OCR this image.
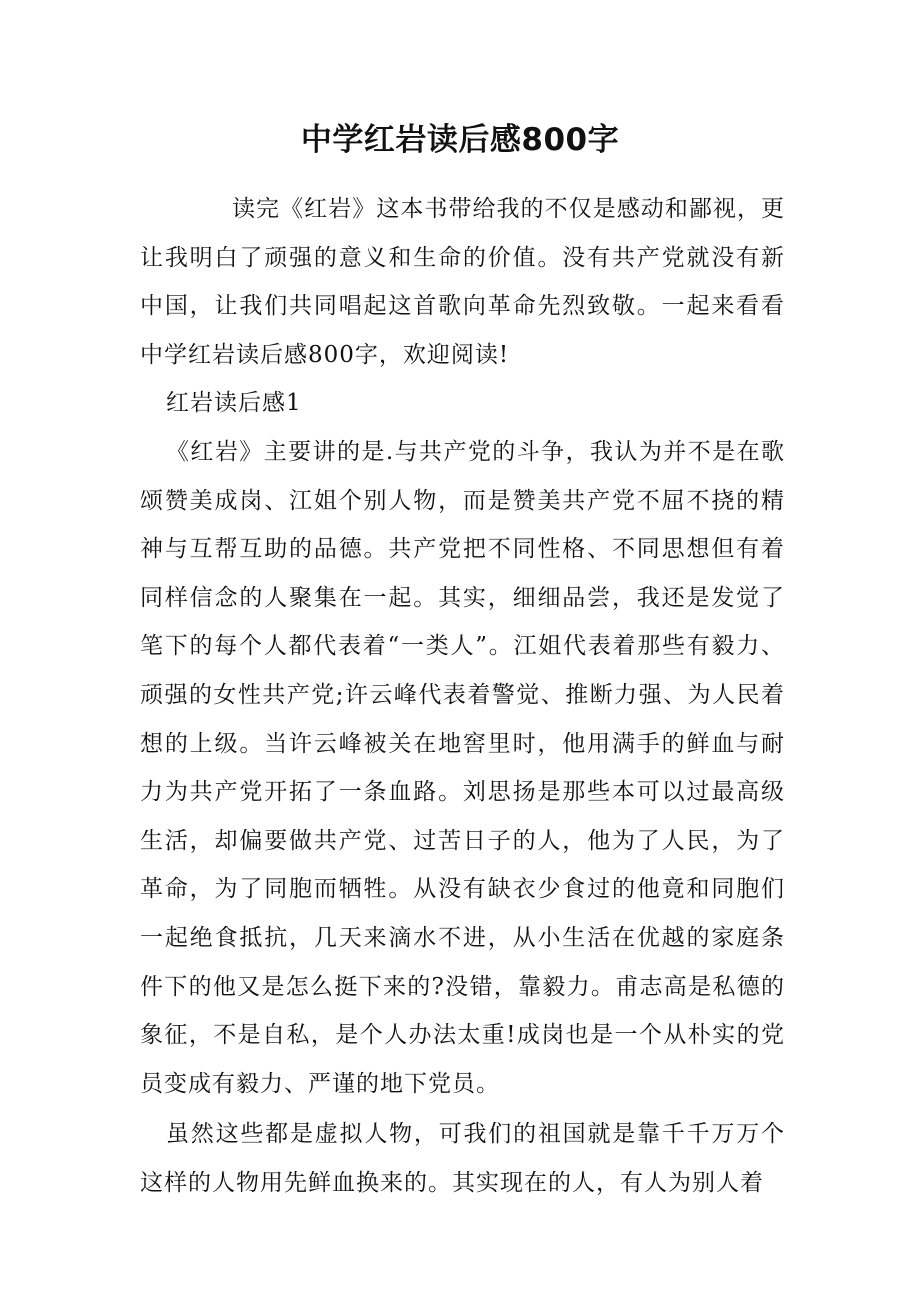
中学红岩读后感800字

读完《红岩》这本书带给我的不仅是感动和鄙视，更让我明白了顽强的意义和生命的价值。没有共产党就没有新中国，让我们共同唱起这首歌向革命先烈致敬。一起来看看中学红岩读后感800字，欢迎阅读!

红岩读后感1

《红岩》主要讲的是.与共产党的斗争，我认为并不是在歌颂赞美成岗、江姐个别人物，而是赞美共产党不屈不挠的精神与互帮互助的品德。共产党把不同性格、不同思想但有着同样信念的人聚集在一起。其实，细细品尝，我还是发觉了笔下的每个人都代表着“一类人”。江姐代表着那些有毅力、顽强的女性共产党;许云峰代表着警觉、推断力强、为人民着想的上级。当许云峰被关在地窖里时，他用满手的鲜血与耐力为共产党开拓了一条血路。刘思扬是那些本可以过最高级生活，却偏要做共产党、过苦日子的人，他为了人民，为了革命，为了同胞而牺牲。从没有缺衣少食过的他竟和同胞们一起绝食抵抗，几天来滴水不进，从小生活在优越的家庭条件下的他又是怎么挺下来的?没错，靠毅力。甫志高是私德的象征，不是自私，是个人办法太重!成岗也是一个从朴实的党员变成有毅力、严谨的地下党员。

虽然这些都是虚拟人物，可我们的祖国就是靠千千万万个这样的人物用先鲜血换来的。其实现在的人，有人为别人着
